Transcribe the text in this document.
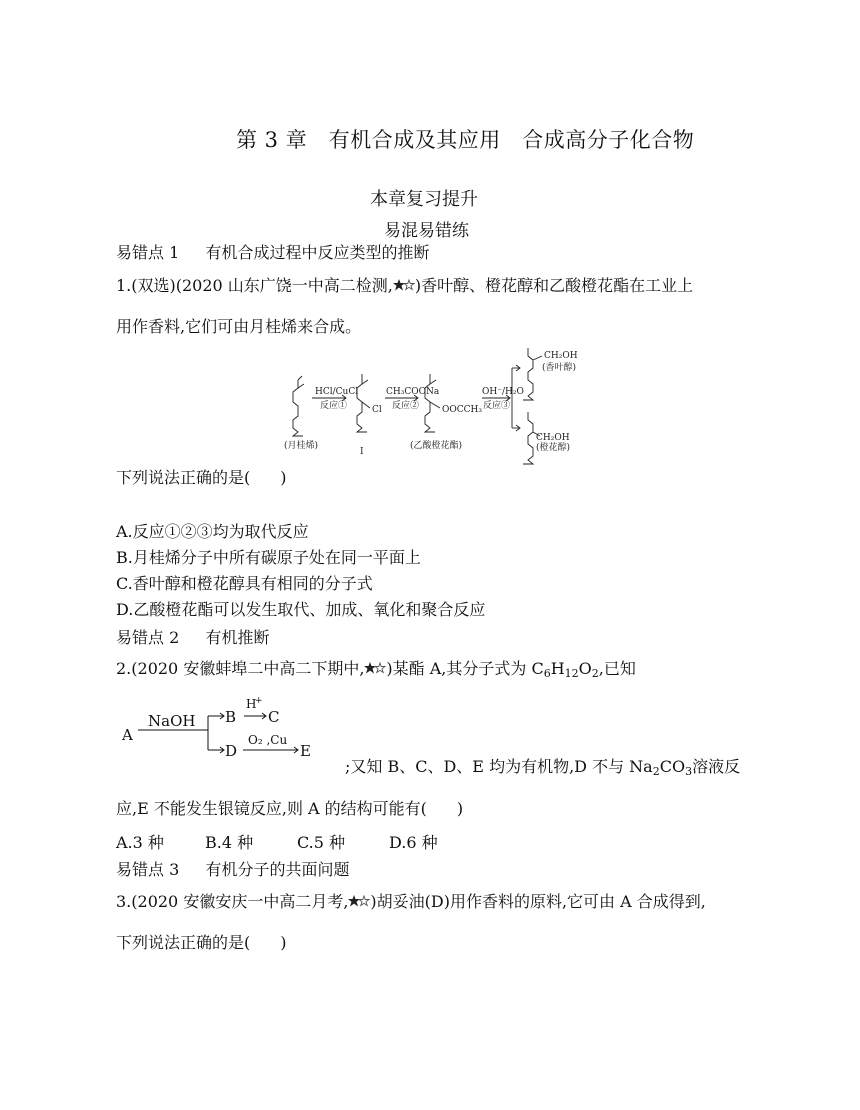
第 3 章　有机合成及其应用　合成高分子化合物
本章复习提升
易混易错练
易错点 1 有机合成过程中反应类型的推断
1.(双选)(2020 山东广饶一中高二检测, )香叶醇、橙花醇和乙酸橙花酯在工业上
用作香料,它们可由月桂烯来合成。
HCl/CuCl
反应①
CH₃COONa
反应②
OH⁻/H₂O
反应③
Cl	OOCCH₃
(月桂烯)
I
(乙酸橙花酯)
CH₂OH
(香叶醇)
CH₂OH
(橙花醇)
下列说法正确的是( )
A.反应①②③均为取代反应
B.月桂烯分子中所有碳原子处在同一平面上
C.香叶醇和橙花醇具有相同的分子式
D.乙酸橙花酯可以发生取代、加成、氧化和聚合反应
易错点 2 有机推断
2.(2020 安徽蚌埠二中高二下期中, )某酯 A,其分子式为 $C_6H_{12}O_2$,已知
A
NaOH B
H
+
C
D
O₂ ,Cu
E
;又知 B、C、D、E 均为有机物,D 不与 $Na_2CO_3$溶液反
应,E 不能发生银镜反应,则 A 的结构可能有( )
A.3 种	B.4 种	C.5 种	D.6 种
易错点 3 有机分子的共面问题
3.(2020 安徽安庆一中高二月考, )胡妥油(D)用作香料的原料,它可由 A 合成得到,
下列说法正确的是( )
